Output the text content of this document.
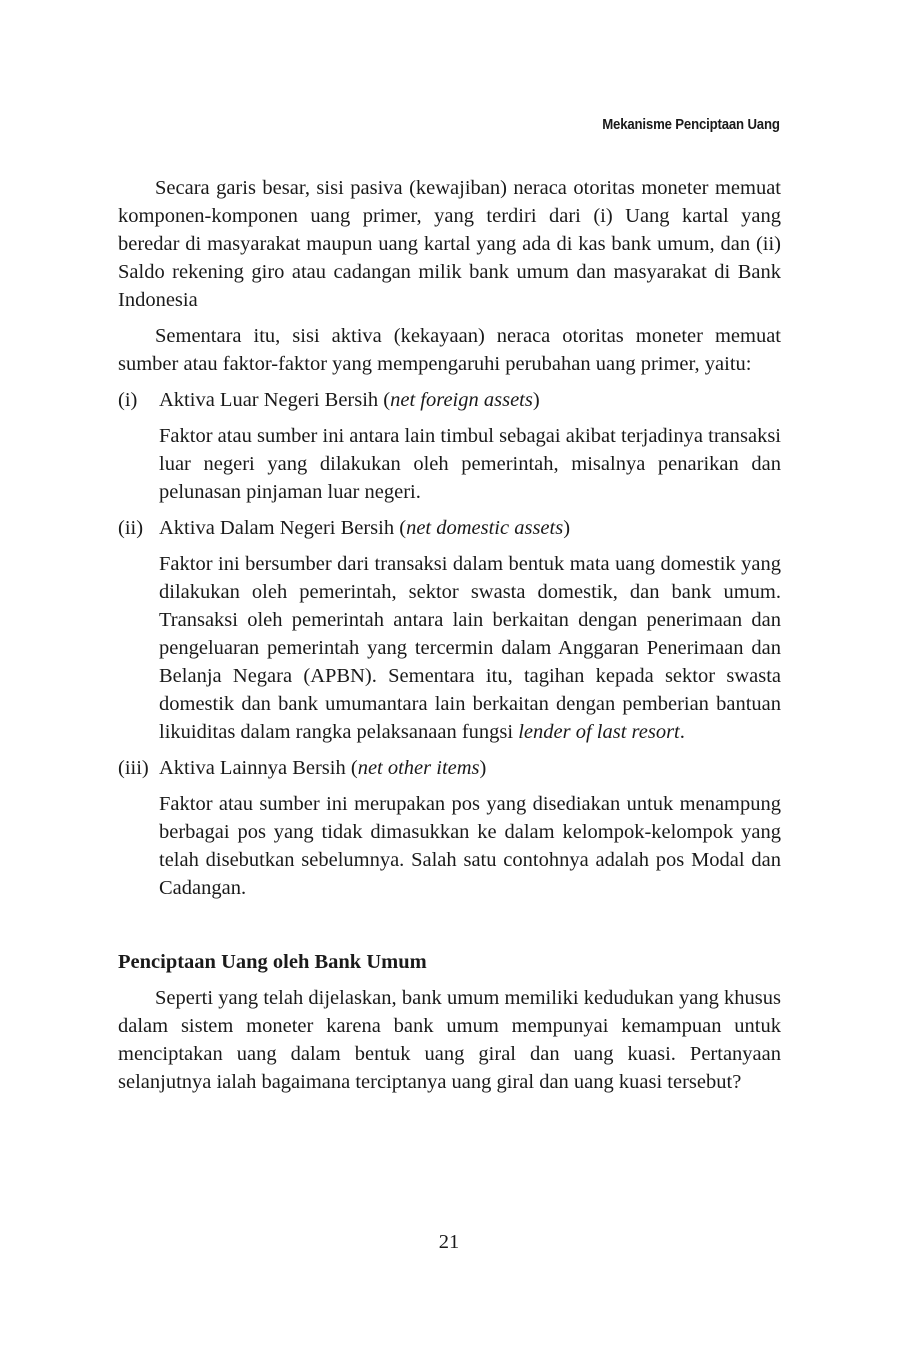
Mekanisme Penciptaan Uang

Secara garis besar, sisi pasiva (kewajiban) neraca otoritas moneter memuat komponen-komponen uang primer, yang terdiri dari (i) Uang kartal yang beredar di masyarakat maupun uang kartal yang ada di kas bank umum, dan (ii) Saldo rekening giro atau cadangan milik bank umum dan masyarakat di Bank Indonesia

Sementara itu, sisi aktiva (kekayaan) neraca otoritas moneter memuat sumber atau faktor-faktor yang mempengaruhi perubahan uang primer, yaitu:

(i)	Aktiva Luar Negeri Bersih (net foreign assets)

Faktor atau sumber ini antara lain timbul sebagai akibat terjadinya transaksi luar negeri yang dilakukan oleh pemerintah, misalnya penarikan dan pelunasan pinjaman luar negeri.

(ii) Aktiva Dalam Negeri Bersih (net domestic assets)

Faktor ini bersumber dari transaksi dalam bentuk mata uang domestik yang dilakukan oleh pemerintah, sektor swasta domestik, dan bank umum. Transaksi oleh pemerintah antara lain berkaitan dengan penerimaan dan pengeluaran pemerintah yang tercermin dalam Anggaran Penerimaan dan Belanja Negara (APBN). Sementara itu, tagihan kepada sektor swasta domestik dan bank umumantara lain berkaitan dengan pemberian bantuan likuiditas dalam rangka pelaksanaan fungsi lender of last resort.

(iii) Aktiva Lainnya Bersih (net other items)

Faktor atau sumber ini merupakan pos yang disediakan untuk menampung berbagai pos yang tidak dimasukkan ke dalam kelompok-kelompok yang telah disebutkan sebelumnya. Salah satu contohnya adalah pos Modal dan Cadangan.

Penciptaan Uang oleh Bank Umum

Seperti yang telah dijelaskan, bank umum memiliki kedudukan yang khusus dalam sistem moneter karena bank umum mempunyai kemampuan untuk menciptakan uang dalam bentuk uang giral dan uang kuasi. Pertanyaan selanjutnya ialah bagaimana terciptanya uang giral dan uang kuasi tersebut?

21
